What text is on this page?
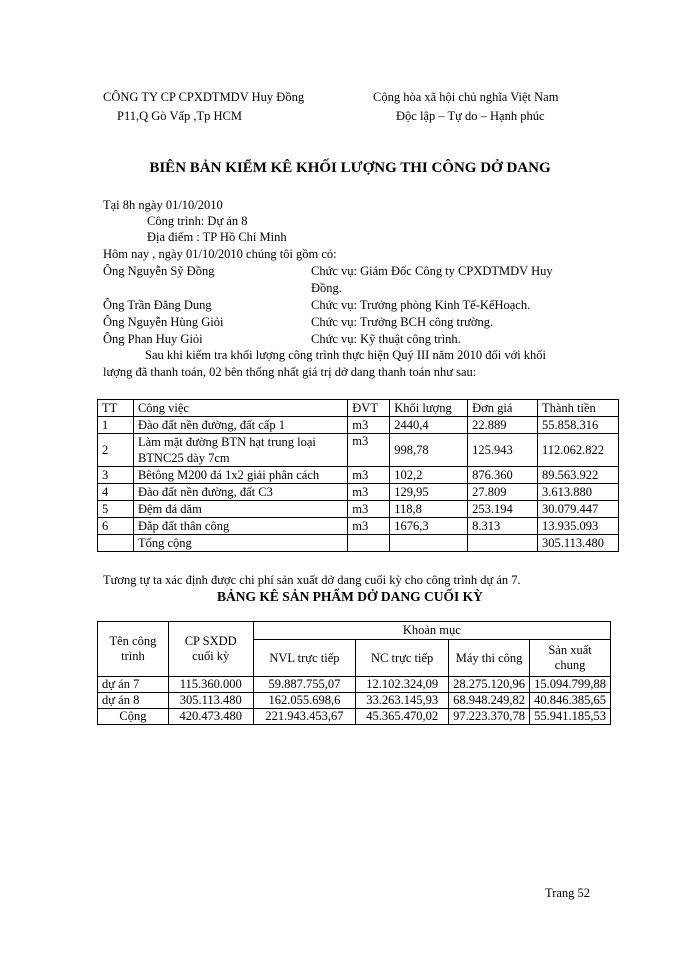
CÔNG TY CP CPXDTMDV Huy Đồng
P11,Q Gò Vấp ,Tp HCM
Cộng hòa xã hội chủ nghĩa Việt Nam
Độc lập – Tự do – Hạnh phúc
BIÊN BẢN KIỂM KÊ KHỐI LƯỢNG THI CÔNG DỞ DANG
Tại 8h ngày 01/10/2010
Công trình: Dự án 8
Địa điểm : TP Hồ Chí Minh
Hôm nay , ngày 01/10/2010 chúng tôi gồm có:
Ông Nguyễn Sỹ Đồng	Chức vụ: Giám Đốc Công ty CPXDTMDV Huy
Đồng.
Ông Trần Đăng Dung	Chức vụ: Trưởng phòng Kinh Tế-KếHoạch.
Ông Nguyễn Hùng Giỏi	Chức vụ: Trưởng BCH công trường.
Ông Phan Huy Giỏi	Chức vụ: Kỹ thuật công trình.
Sau khi kiểm tra khối lượng công trình thực hiện Quý III năm 2010 đối với khối
lượng đã thanh toán, 02 bên thống nhất giá trị dở dang thanh toán như sau:
TT	Công việc	ĐVT	Khối lượng	Đơn giá	Thành tiền
1	Đào đất nền đường, đất cấp 1	m3	2440,4	22.889	55.858.316
2	Làm mặt đường BTN hạt trung loại
BTNC25 dày 7cm	m3	998,78	125.943	112.062.822
3	Bêtông M200 đá 1x2 giải phân cách	m3	102,2	876.360	89.563.922
4	Đào đất nền đường, đất C3	m3	129,95	27.809	3.613.880
5	Đệm đá dăm	m3	118,8	253.194	30.079.447
6	Đắp đất thân công	m3	1676,3	8.313	13.935.093
	Tổng cộng				305.113.480
Tương tự ta xác định được chi phí sản xuất dở dang cuối kỳ cho công trình dự án 7.
BẢNG KÊ SẢN PHẨM DỞ DANG CUỐI KỲ
Tên công trình	CP SXDD cuối kỳ	Khoản mục			
		NVL trực tiếp	NC trực tiếp	Máy thi công	Sản xuất chung
dự án 7	115.360.000	59.887.755,07	12.102.324,09	28.275.120,96	15.094.799,88
dự án 8	305.113.480	162.055.698,6	33.263.145,93	68.948.249,82	40.846.385,65
Cộng	420.473.480	221.943.453,67	45.365.470,02	97.223.370,78	55.941.185,53
Trang 52
